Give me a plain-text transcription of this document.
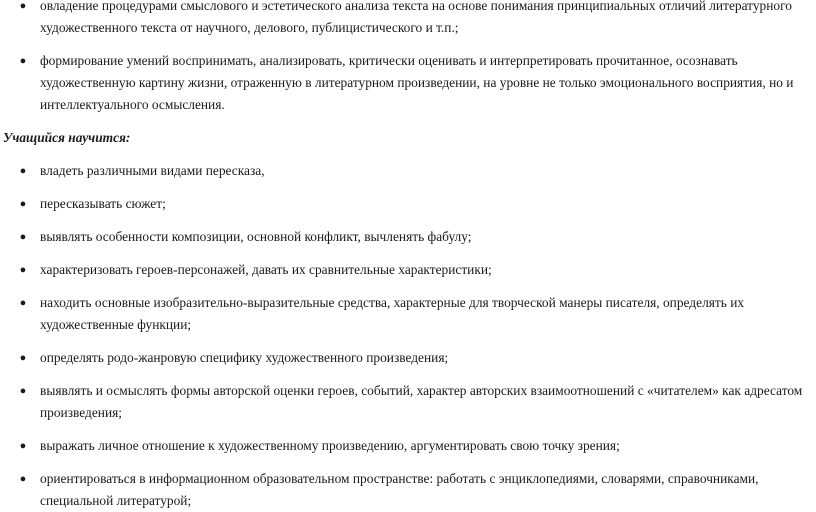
● овладение процедурами смыслового и эстетического анализа текста на основе понимания принципиальных отличий литературного художественного текста от научного, делового, публицистического и т.п.;
● формирование умений воспринимать, анализировать, критически оценивать и интерпретировать прочитанное, осознавать художественную картину жизни, отраженную в литературном произведении, на уровне не только эмоционального восприятия, но и интеллектуального осмысления.
Учащийся научится:
● владеть различными видами пересказа,
● пересказывать сюжет;
● выявлять особенности композиции, основной конфликт, вычленять фабулу;
● характеризовать героев-персонажей, давать их сравнительные характеристики;
● находить основные изобразительно-выразительные средства, характерные для творческой манеры писателя, определять их художественные функции;
● определять родо-жанровую специфику художественного произведения;
● выявлять и осмыслять формы авторской оценки героев, событий, характер авторских взаимоотношений с «читателем» как адресатом произведения;
● выражать личное отношение к художественному произведению, аргументировать свою точку зрения;
● ориентироваться в информационном образовательном пространстве: работать с энциклопедиями, словарями, справочниками, специальной литературой;
